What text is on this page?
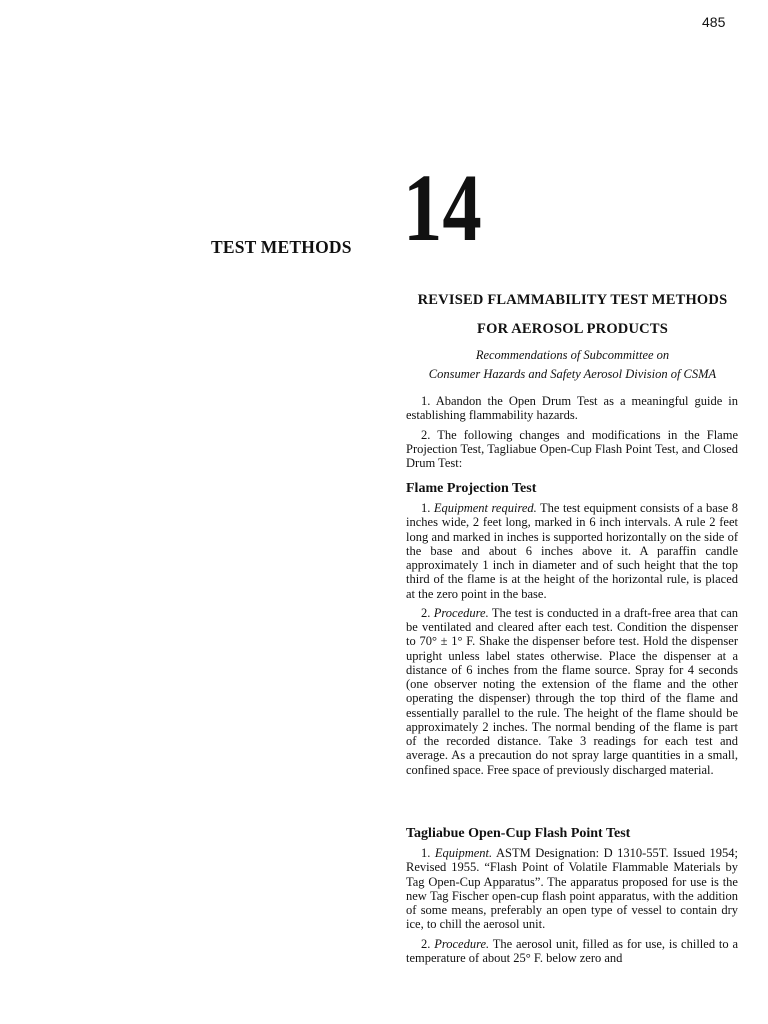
485
14
TEST METHODS
REVISED FLAMMABILITY TEST METHODS
FOR AEROSOL PRODUCTS
Recommendations of Subcommittee on
Consumer Hazards and Safety Aerosol Division of CSMA

1. Abandon the Open Drum Test as a meaningful guide in establishing flammability hazards.

2. The following changes and modifications in the Flame Projection Test, Tagliabue Open-Cup Flash Point Test, and Closed Drum Test:

Flame Projection Test

1. Equipment required. The test equipment consists of a base 8 inches wide, 2 feet long, marked in 6 inch intervals. A rule 2 feet long and marked in inches is supported horizontally on the side of the base and about 6 inches above it. A paraffin candle approximately 1 inch in diameter and of such height that the top third of the flame is at the height of the horizontal rule, is placed at the zero point in the base.

2. Procedure. The test is conducted in a draft-free area that can be ventilated and cleared after each test. Condition the dispenser to 70° ± 1° F. Shake the dispenser before test. Hold the dispenser upright unless label states otherwise. Place the dispenser at a distance of 6 inches from the flame source. Spray for 4 seconds (one observer noting the extension of the flame and the other operating the dispenser) through the top third of the flame and essentially parallel to the rule. The height of the flame should be approximately 2 inches. The normal bending of the flame is part of the recorded distance. Take 3 readings for each test and average. As a precaution do not spray large quantities in a small, confined space. Free space of previously discharged material.

Tagliabue Open-Cup Flash Point Test

1. Equipment. ASTM Designation: D 1310-55T. Issued 1954; Revised 1955. “Flash Point of Volatile Flammable Materials by Tag Open-Cup Apparatus”. The apparatus proposed for use is the new Tag Fischer open-cup flash point apparatus, with the addition of some means, preferably an open type of vessel to contain dry ice, to chill the aerosol unit.

2. Procedure. The aerosol unit, filled as for use, is chilled to a temperature of about 25° F. below zero and
